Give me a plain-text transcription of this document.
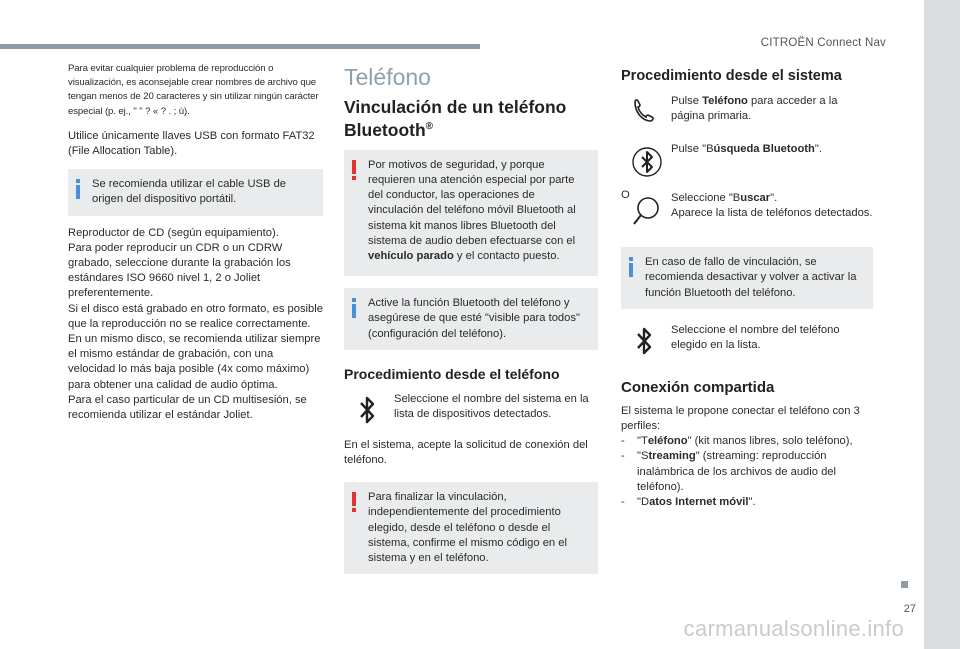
CITROËN Connect Nav

Para evitar cualquier problema de reproducción o visualización, es aconsejable crear nombres de archivo que tengan menos de 20 caracteres y sin utilizar ningún carácter especial (p. ej., " " ? « ? . ; ù).

Utilice únicamente llaves USB con formato FAT32 (File Allocation Table).

Se recomienda utilizar el cable USB de origen del dispositivo portátil.

Reproductor de CD (según equipamiento).
Para poder reproducir un CDR o un CDRW grabado, seleccione durante la grabación los estándares ISO 9660 nivel 1, 2 o Joliet preferentemente.
Si el disco está grabado en otro formato, es posible que la reproducción no se realice correctamente.
En un mismo disco, se recomienda utilizar siempre el mismo estándar de grabación, con una velocidad lo más baja posible (4x como máximo) para obtener una calidad de audio óptima.
Para el caso particular de un CD multisesión, se recomienda utilizar el estándar Joliet.

Teléfono
Vinculación de un teléfono Bluetooth®
Por motivos de seguridad, y porque requieren una atención especial por parte del conductor, las operaciones de vinculación del teléfono móvil Bluetooth al sistema kit manos libres Bluetooth del sistema de audio deben efectuarse con el vehículo parado y el contacto puesto.
Active la función Bluetooth del teléfono y asegúrese de que esté "visible para todos" (configuración del teléfono).
Procedimiento desde el teléfono
Seleccione el nombre del sistema en la lista de dispositivos detectados.

En el sistema, acepte la solicitud de conexión del teléfono.

Para finalizar la vinculación, independientemente del procedimiento elegido, desde el teléfono o desde el sistema, confirme el mismo código en el sistema y en el teléfono.
Procedimiento desde el sistema
Pulse Teléfono para acceder a la página primaria.
Pulse "Búsqueda Bluetooth".

O	Seleccione "Buscar".
Aparece la lista de teléfonos detectados.
En caso de fallo de vinculación, se recomienda desactivar y volver a activar la función Bluetooth del teléfono.
Seleccione el nombre del teléfono elegido en la lista.
Conexión compartida

El sistema le propone conectar el teléfono con 3 perfiles:

- "Teléfono" (kit manos libres, solo teléfono),
- "Streaming" (streaming: reproducción inalámbrica de los archivos de audio del teléfono).
- "Datos Internet móvil".
27
carmanualsonline.info
